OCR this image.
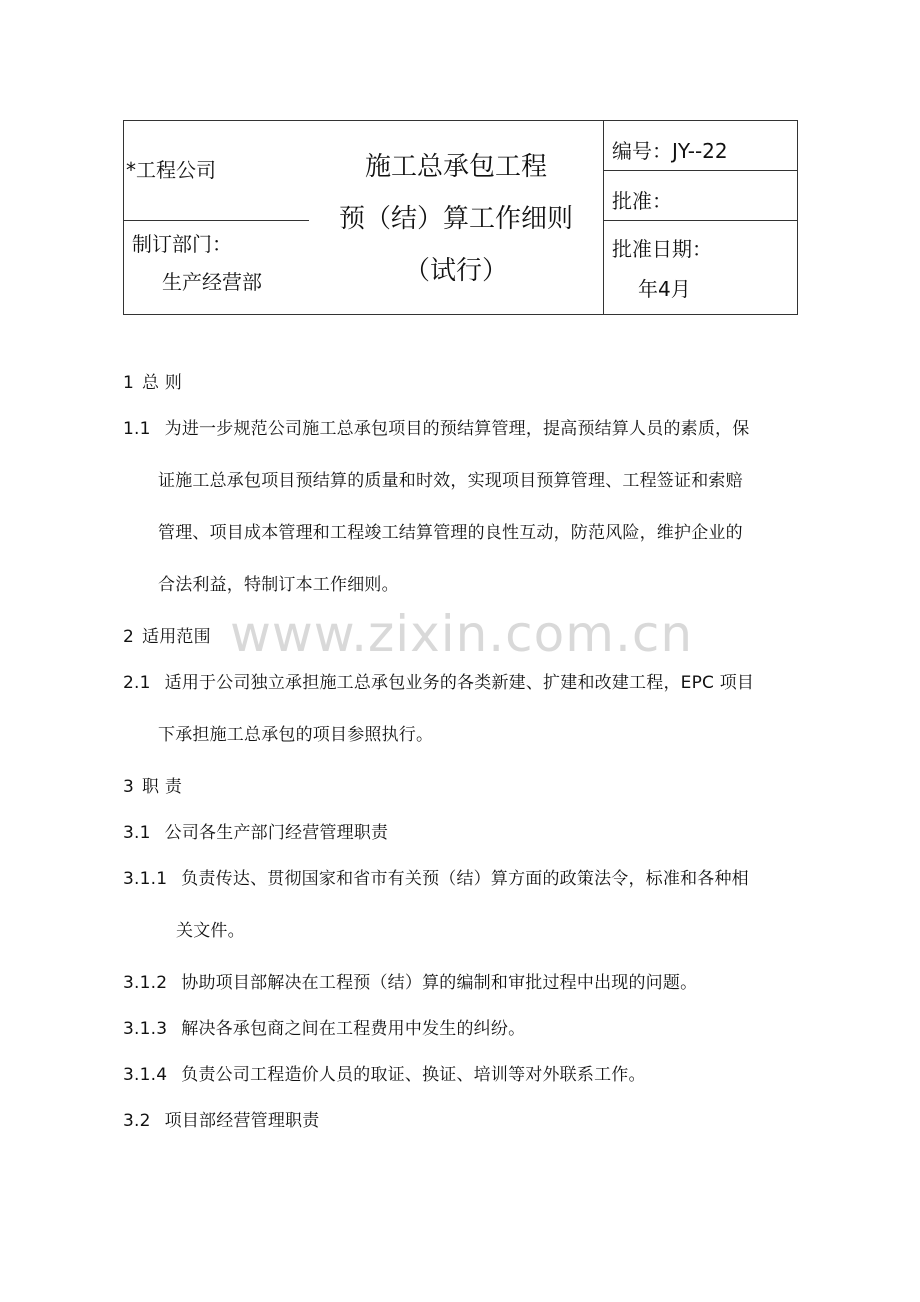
*工程公司
制订部门：
生产经营部
施工总承包工程
预（结）算工作细则
（试行）
编号：JY--22
批准：
批准日期：
年4月
www.zixin.com.cn
1 总 则
1.1 为进一步规范公司施工总承包项目的预结算管理，提高预结算人员的素质，保
证施工总承包项目预结算的质量和时效，实现项目预算管理、工程签证和索赔
管理、项目成本管理和工程竣工结算管理的良性互动，防范风险，维护企业的
合法利益，特制订本工作细则。
2 适用范围
2.1 适用于公司独立承担施工总承包业务的各类新建、扩建和改建工程，EPC 项目
下承担施工总承包的项目参照执行。
3 职 责
3.1 公司各生产部门经营管理职责
3.1.1 负责传达、贯彻国家和省市有关预（结）算方面的政策法令，标准和各种相
关文件。
3.1.2 协助项目部解决在工程预（结）算的编制和审批过程中出现的问题。
3.1.3 解决各承包商之间在工程费用中发生的纠纷。
3.1.4 负责公司工程造价人员的取证、换证、培训等对外联系工作。
3.2 项目部经营管理职责
